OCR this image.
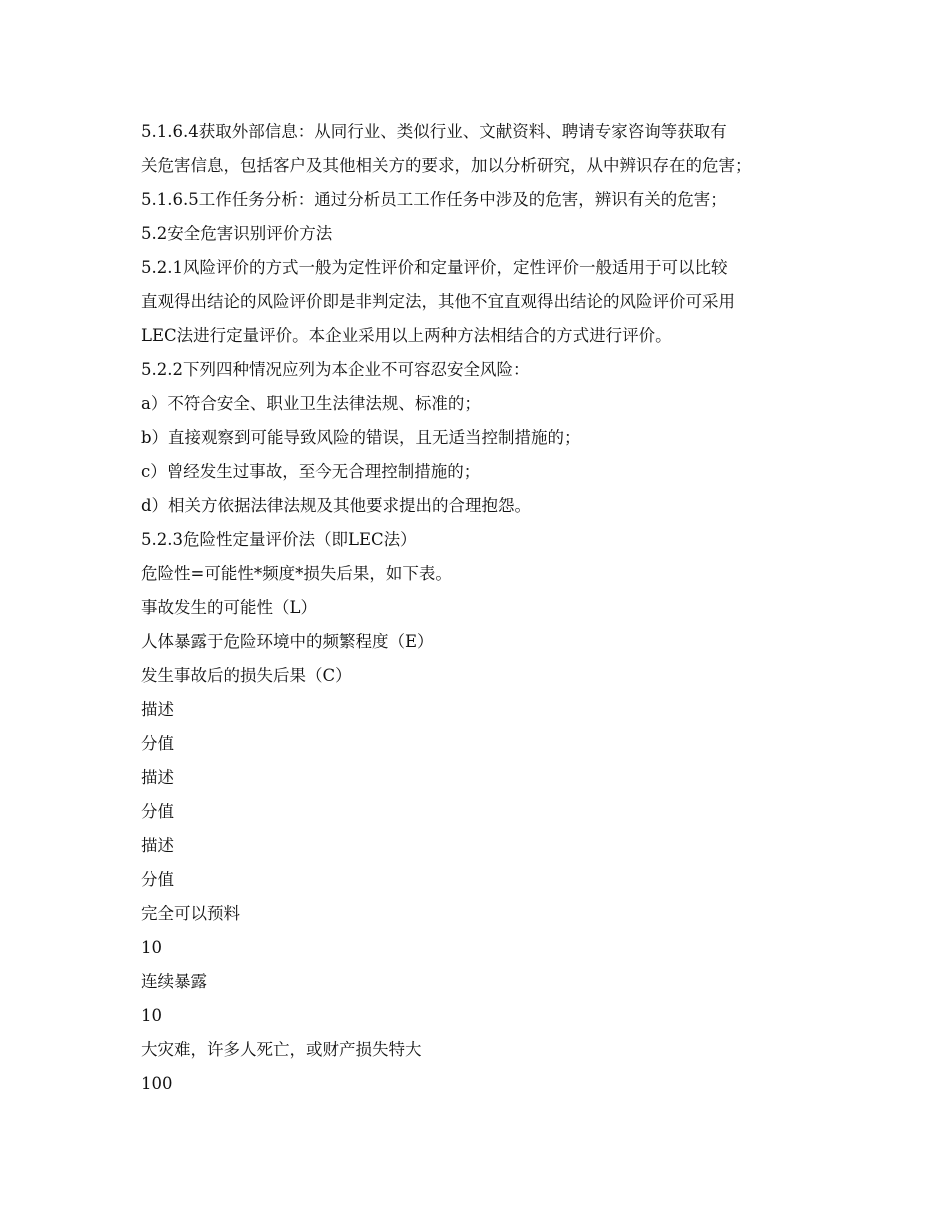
5.1.6.4获取外部信息：从同行业、类似行业、文献资料、聘请专家咨询等获取有
关危害信息，包括客户及其他相关方的要求，加以分析研究，从中辨识存在的危害；
5.1.6.5工作任务分析：通过分析员工工作任务中涉及的危害，辨识有关的危害；
5.2安全危害识别评价方法
5.2.1风险评价的方式一般为定性评价和定量评价，定性评价一般适用于可以比较
直观得出结论的风险评价即是非判定法，其他不宜直观得出结论的风险评价可采用
LEC法进行定量评价。本企业采用以上两种方法相结合的方式进行评价。
5.2.2下列四种情况应列为本企业不可容忍安全风险：
a）不符合安全、职业卫生法律法规、标准的；
b）直接观察到可能导致风险的错误，且无适当控制措施的；
c）曾经发生过事故，至今无合理控制措施的；
d）相关方依据法律法规及其他要求提出的合理抱怨。
5.2.3危险性定量评价法（即LEC法）
危险性=可能性*频度*损失后果，如下表。
事故发生的可能性（L）
人体暴露于危险环境中的频繁程度（E）
发生事故后的损失后果（C）
描述
分值
描述
分值
描述
分值
完全可以预料
10
连续暴露
10
大灾难，许多人死亡，或财产损失特大
100
